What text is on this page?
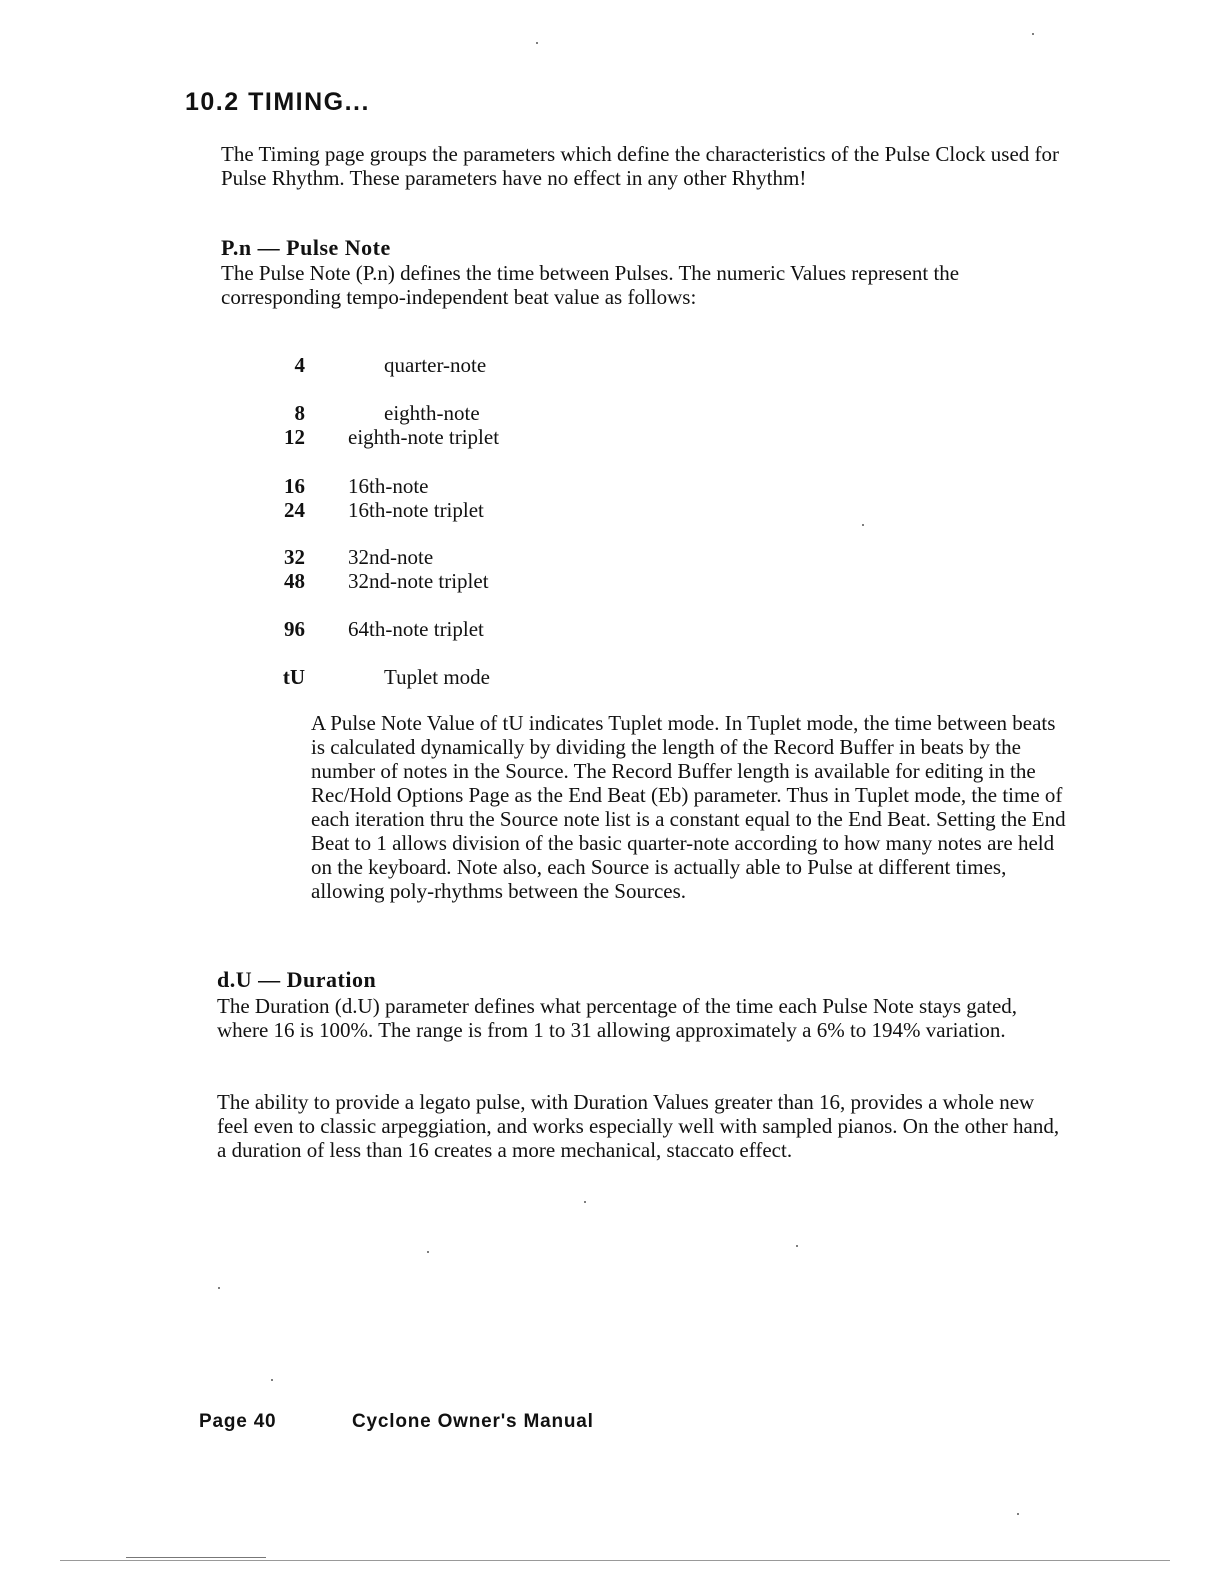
10.2 TIMING...

The Timing page groups the parameters which define the characteristics of the Pulse Clock used for Pulse Rhythm. These parameters have no effect in any other Rhythm!

P.n — Pulse Note

The Pulse Note (P.n) defines the time between Pulses. The numeric Values represent the corresponding tempo-independent beat value as follows:

4	quarter-note
8	eighth-note
12 eighth-note triplet
16 16th-note
24 16th-note triplet
32 32nd-note
48 32nd-note triplet
96 64th-note triplet
tU	Tuplet mode

A Pulse Note Value of tU indicates Tuplet mode. In Tuplet mode, the time between beats is calculated dynamically by dividing the length of the Record Buffer in beats by the number of notes in the Source. The Record Buffer length is available for editing in the Rec/Hold Options Page as the End Beat (Eb) parameter. Thus in Tuplet mode, the time of each iteration thru the Source note list is a constant equal to the End Beat. Setting the End Beat to 1 allows division of the basic quarter-note according to how many notes are held on the keyboard. Note also, each Source is actually able to Pulse at different times, allowing poly-rhythms between the Sources.

d.U — Duration

The Duration (d.U) parameter defines what percentage of the time each Pulse Note stays gated, where 16 is 100%. The range is from 1 to 31 allowing approximately a 6% to 194% variation.

The ability to provide a legato pulse, with Duration Values greater than 16, provides a whole new feel even to classic arpeggiation, and works especially well with sampled pianos. On the other hand, a duration of less than 16 creates a more mechanical, staccato effect.

Page 40	Cyclone Owner's Manual
